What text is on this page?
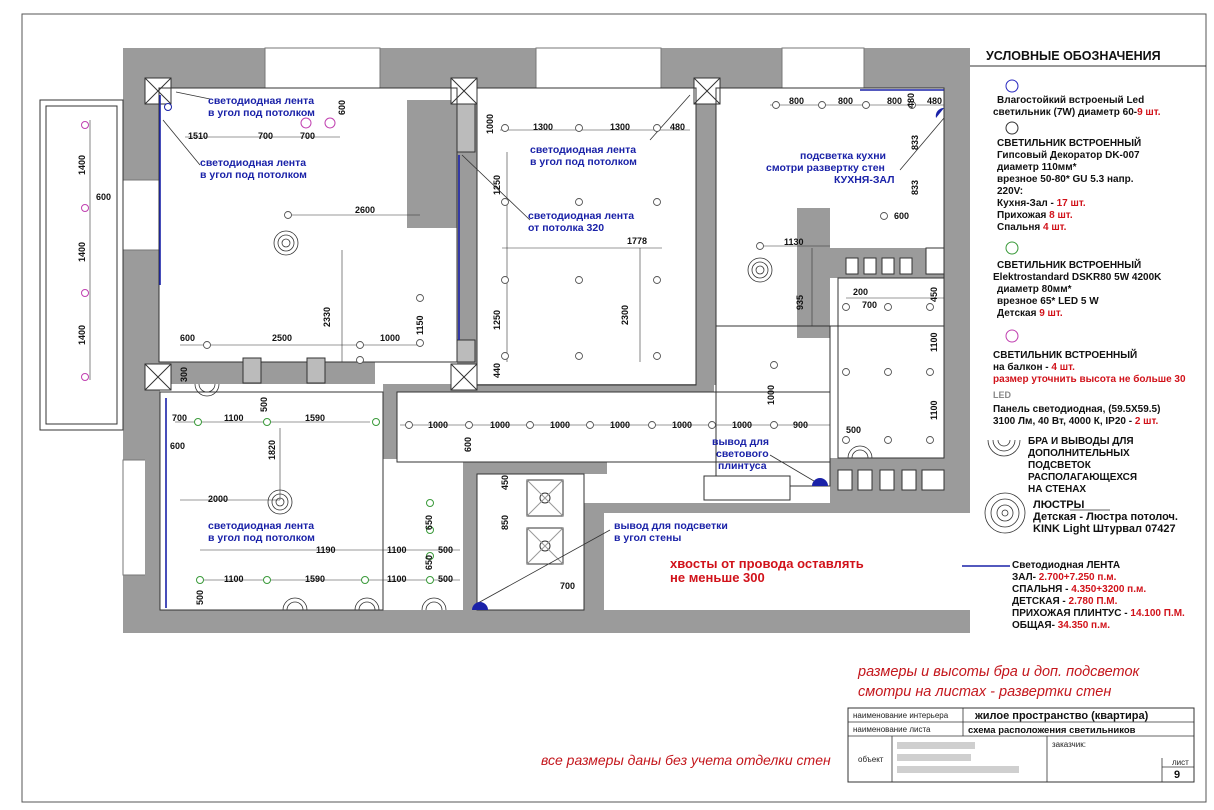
600
1510	700	700
1000	1300	1300	480
800	800	800	480
480
833
833
600
2600
1250
1778	1130
935
200
700
450
2330	1250	2300
1150
1100
1100
600	2500	1000
300	440
700	1100
500
1590
1000	1000	1000	1000	1000	1000	900
1000
600
1820
500
600
2000
450
850
650
650
1190	1100	500
1100	1590	1100	500
500
700
1400
1400
1400
600
светодиодная лента
в угол под потолком
светодиодная лента
в угол под потолком
светодиодная лента
в угол под потолком
светодиодная лента
от потолка 320
подсветка кухни
смотри развертку стен
КУХНЯ-ЗАЛ
вывод для
светового
плинтуса
светодиодная лента
в угол под потолком
вывод для подсветки
в угол стены
хвосты от провода оставлять
не меньше 300
УСЛОВНЫЕ ОБОЗНАЧЕНИЯ
Влагостойкий встроеный Led
светильник (7W) диаметр 60-9 шт.
СВЕТИЛЬНИК ВСТРОЕННЫЙ
Гипсовый Декоратор DK-007
диаметр 110мм*
врезное 50-80* GU 5.3 напр.
220V:
Кухня-Зал - 17 шт.
Прихожая 8 шт.
Спальня 4 шт.
СВЕТИЛЬНИК ВСТРОЕННЫЙ
Elektrostandard DSKR80 5W 4200K
диаметр 80мм*
врезное 65* LED 5 W
Детская 9 шт.
СВЕТИЛЬНИК ВСТРОЕННЫЙ
на балкон - 4 шт.
размер уточнить высота не больше 30
LED
Панель светодиодная, (59.5X59.5)
3100 Лм, 40 Вт, 4000 К, IP20 - 2 шт.
БРА И ВЫВОДЫ ДЛЯ
ДОПОЛНИТЕЛЬНЫХ
ПОДСВЕТОК
РАСПОЛАГАЮЩЕХСЯ
НА СТЕНАХ
ЛЮСТРЫ
Детская - Люстра потолоч.
KINK Light Штурвал 07427
Светодиодная ЛЕНТА
ЗАЛ- 2.700+7.250 п.м.
СПАЛЬНЯ - 4.350+3200 п.м.
ДЕТСКАЯ - 2.780 П.М.
ПРИХОЖАЯ ПЛИНТУС - 14.100 П.М.
ОБЩАЯ- 34.350 п.м.
наименование интерьера жилое пространство (квартира)
наименование листа	схема расположения светильников
объект
заказчик:
лист
9
размеры и высоты бра и доп. подсветок
смотри на листах - развертки стен
все размеры даны без учета отделки стен
